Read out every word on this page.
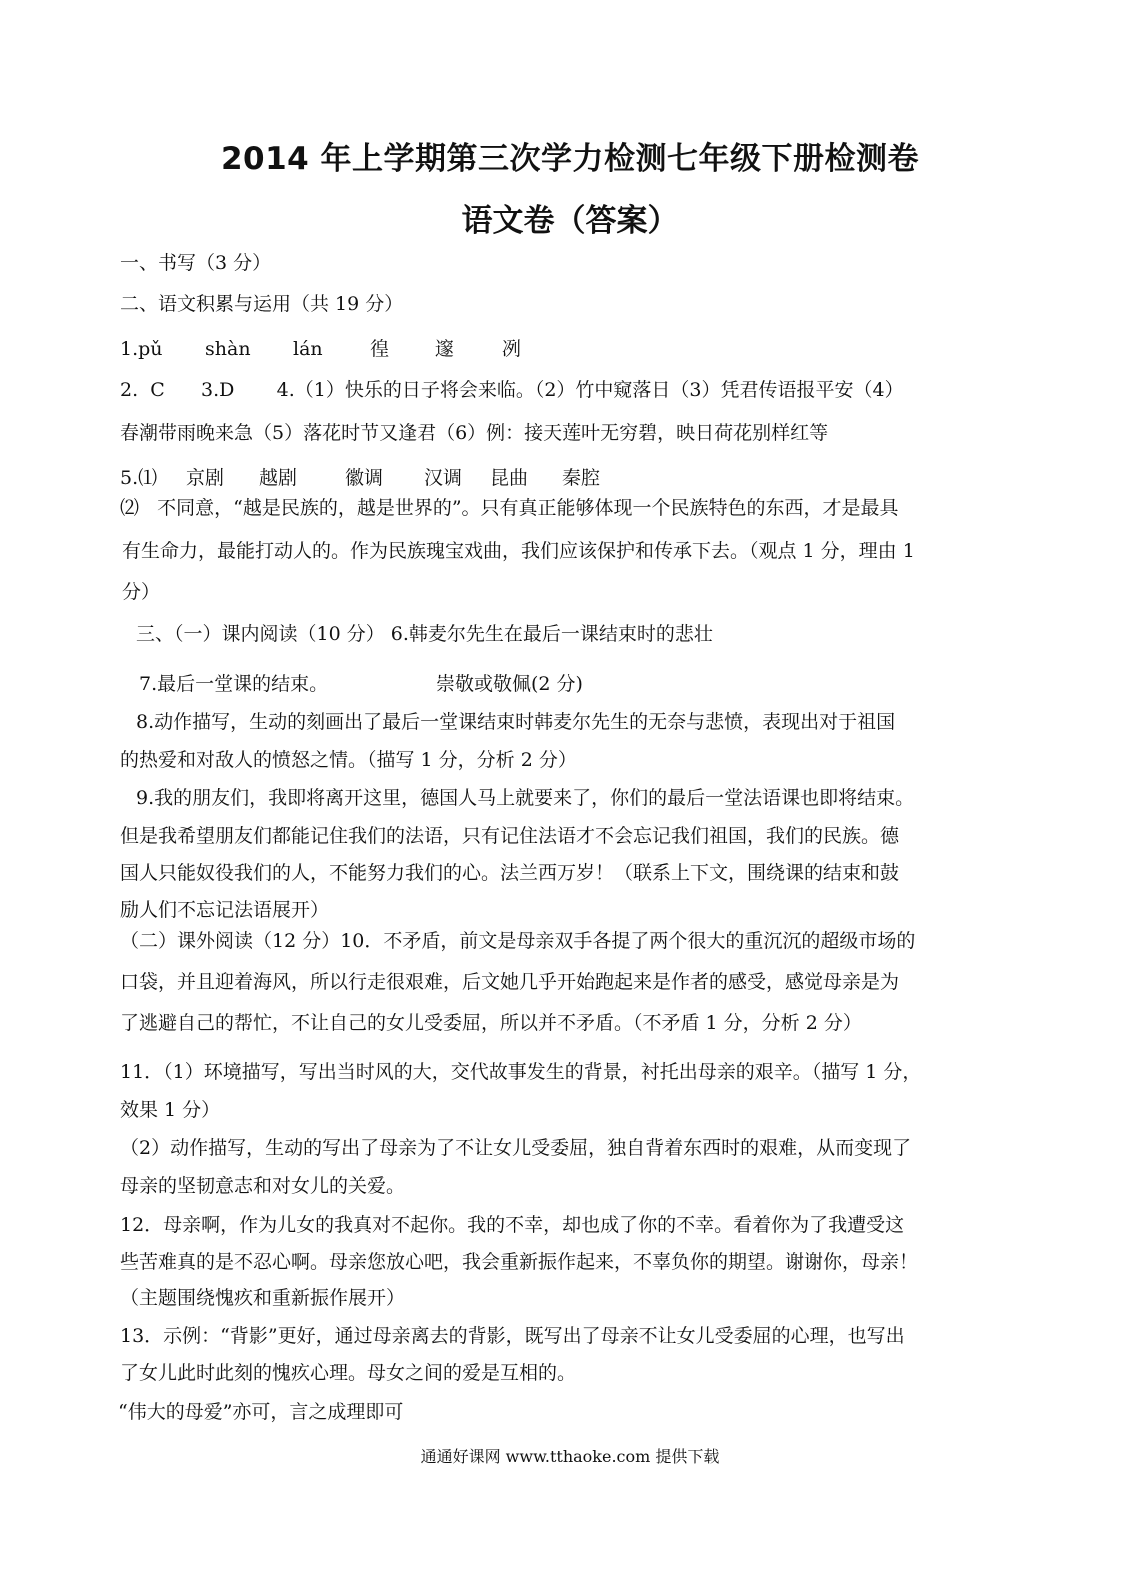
2014 年上学期第三次学力检测七年级下册检测卷
语文卷（答案）
一、书写（3 分）
二、语文积累与运用（共 19 分）
1.pǔ shàn lán 徨 邃	冽
2.  C      3.D       4.（1）快乐的日子将会来临。（2）竹中窥落日（3）凭君传语报平安（4）
春潮带雨晚来急（5）落花时节又逢君（6）例：接天莲叶无穷碧，映日荷花别样红等
5.⑴ 京剧 越剧	徽调 汉调 昆曲 秦腔
⑵   不同意，“越是民族的，越是世界的”。只有真正能够体现一个民族特色的东西，才是最具
有生命力，最能打动人的。作为民族瑰宝戏曲，我们应该保护和传承下去。（观点 1 分，理由 1
分）
三、（一）课内阅读（10 分） 6.韩麦尔先生在最后一课结束时的悲壮
7.最后一堂课的结束。	崇敬或敬佩(2 分)
8.动作描写，生动的刻画出了最后一堂课结束时韩麦尔先生的无奈与悲愤，表现出对于祖国
的热爱和对敌人的愤怒之情。（描写 1 分，分析 2 分）
9.我的朋友们，我即将离开这里，德国人马上就要来了，你们的最后一堂法语课也即将结束。
但是我希望朋友们都能记住我们的法语，只有记住法语才不会忘记我们祖国，我们的民族。德
国人只能奴役我们的人，不能努力我们的心。法兰西万岁！（联系上下文，围绕课的结束和鼓
励人们不忘记法语展开）
（二）课外阅读（12 分）10．不矛盾，前文是母亲双手各提了两个很大的重沉沉的超级市场的
口袋，并且迎着海风，所以行走很艰难，后文她几乎开始跑起来是作者的感受，感觉母亲是为
了逃避自己的帮忙，不让自己的女儿受委屈，所以并不矛盾。（不矛盾 1 分，分析 2 分）
11．（1）环境描写，写出当时风的大，交代故事发生的背景，衬托出母亲的艰辛。（描写 1 分，
效果 1 分）
（2）动作描写，生动的写出了母亲为了不让女儿受委屈，独自背着东西时的艰难，从而变现了
母亲的坚韧意志和对女儿的关爱。
12．母亲啊，作为儿女的我真对不起你。我的不幸，却也成了你的不幸。看着你为了我遭受这
些苦难真的是不忍心啊。母亲您放心吧，我会重新振作起来，不辜负你的期望。谢谢你，母亲！
（主题围绕愧疚和重新振作展开）
13．示例：“背影”更好，通过母亲离去的背影，既写出了母亲不让女儿受委屈的心理，也写出
了女儿此时此刻的愧疚心理。母女之间的爱是互相的。
“伟大的母爱”亦可，言之成理即可
通通好课网 www.tthaoke.com 提供下载
